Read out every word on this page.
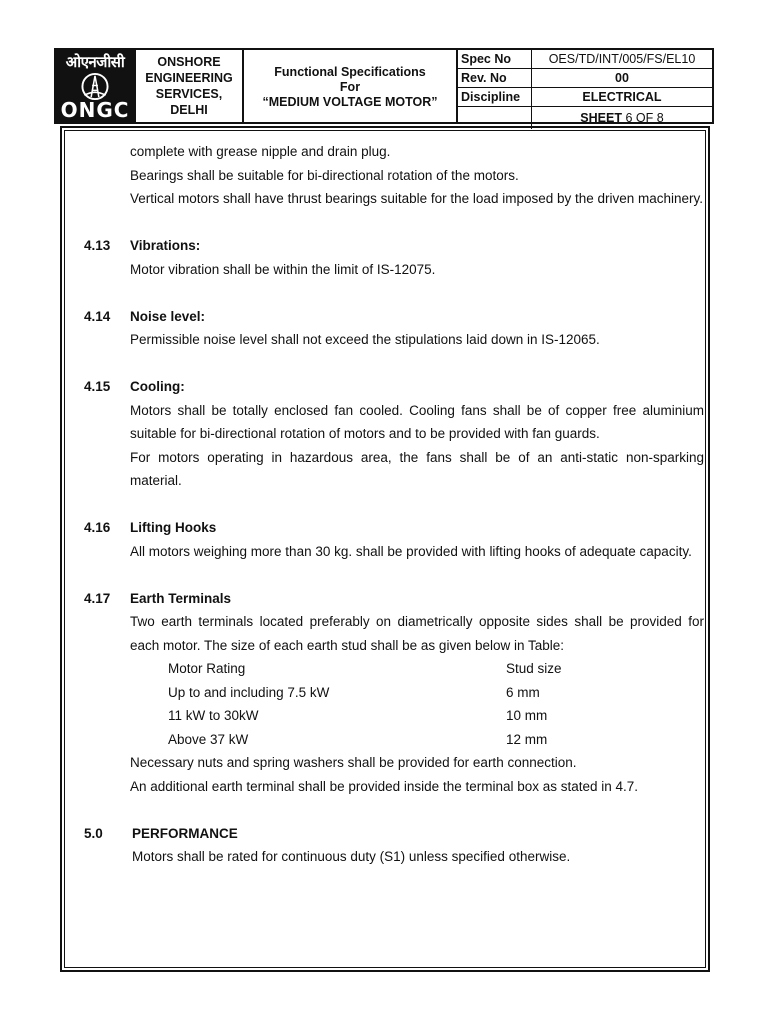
ओएनजीसी
ONGC
ONSHORE
ENGINEERING
SERVICES,
DELHI
Functional Specifications
For
“MEDIUM VOLTAGE MOTOR”
Spec No	OES/TD/INT/005/FS/EL10
Rev. No	00
Discipline	ELECTRICAL
SHEET 6 OF 8
complete with grease nipple and drain plug.
Bearings shall be suitable for bi-directional rotation of the motors.
Vertical motors shall have thrust bearings suitable for the load imposed by the driven machinery.
4.13	Vibrations:
Motor vibration shall be within the limit of IS-12075.
4.14	Noise level:
Permissible noise level shall not exceed the stipulations laid down in IS-12065.
4.15	Cooling:
Motors shall be totally enclosed fan cooled. Cooling fans shall be of copper free aluminium suitable for bi-directional rotation of motors and to be provided with fan guards.
For motors operating in hazardous area, the fans shall be of an anti-static non-sparking material.
4.16	Lifting Hooks
All motors weighing more than 30 kg. shall be provided with lifting hooks of adequate capacity.
4.17	Earth Terminals
Two earth terminals located preferably on diametrically opposite sides shall be provided for each motor. The size of each earth stud shall be as given below in Table:
Motor Rating	Stud size
Up to and including 7.5 kW	6 mm
11 kW to 30kW	10 mm
Above 37 kW	12 mm
Necessary nuts and spring washers shall be provided for earth connection.
An additional earth terminal shall be provided inside the terminal box as stated in 4.7.
5.0	PERFORMANCE
Motors shall be rated for continuous duty (S1) unless specified otherwise.
